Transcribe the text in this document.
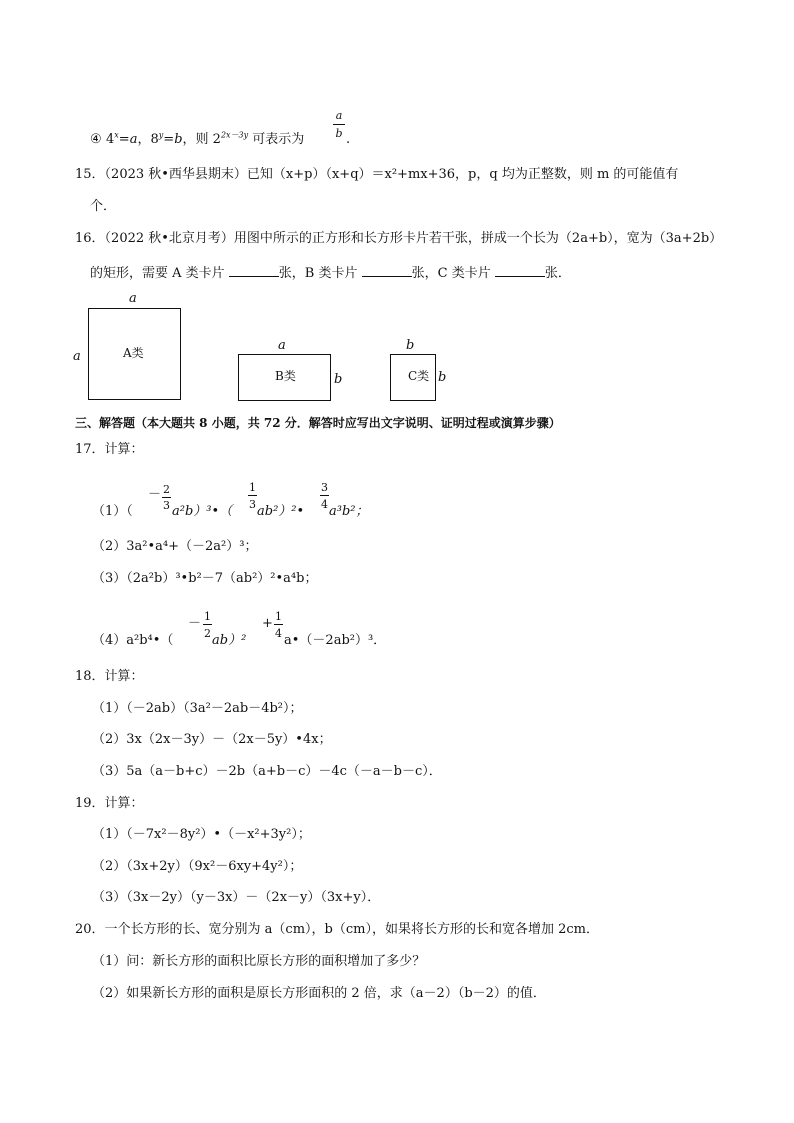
④ $4^x=a$，$8^y=b$，则 $2^{2x-3y}$ 可表示为
a
b .
15．（2023 秋•西华县期末）已知（x+p）（x+q）＝x²+mx+36，p，q 均为正整数，则 m 的可能值有
个．
16．（2022 秋•北京月考）用图中所示的正方形和长方形卡片若干张，拼成一个长为（2a+b），宽为（3a+2b）
的矩形，需要 A 类卡片	张，B 类卡片	张，C 类卡片	张．
a
a	A类	a
B类	b
b
C类 b
三、解答题（本大题共 8 小题，共 72 分．解答时应写出文字说明、证明过程或演算步骤）
17．计算：
（1）（
－ 2
3 a²b）³•（
1
3 ab²）²•
3
4 a³b²；
（2）3a²•a⁴+（－2a²）³；
（3）（2a²b）³•b²－7（ab²）²•a⁴b；
（4）a²b⁴•（
－ 1
2 ab）²
+ 1
4 a•（－2ab²）³．
18．计算：
（1）（－2ab）（3a²－2ab－4b²）；
（2）3x（2x－3y）－（2x－5y）•4x；
（3）5a（a－b+c）－2b（a+b－c）－4c（－a－b－c）．
19．计算：
（1）（－7x²－8y²）•（－x²+3y²）；
（2）（3x+2y）（9x²－6xy+4y²）；
（3）（3x－2y）（y－3x）－（2x－y）（3x+y）．
20．一个长方形的长、宽分别为 a（cm），b（cm），如果将长方形的长和宽各增加 2cm．
（1）问：新长方形的面积比原长方形的面积增加了多少？
（2）如果新长方形的面积是原长方形面积的 2 倍，求（a－2）（b－2）的值．
